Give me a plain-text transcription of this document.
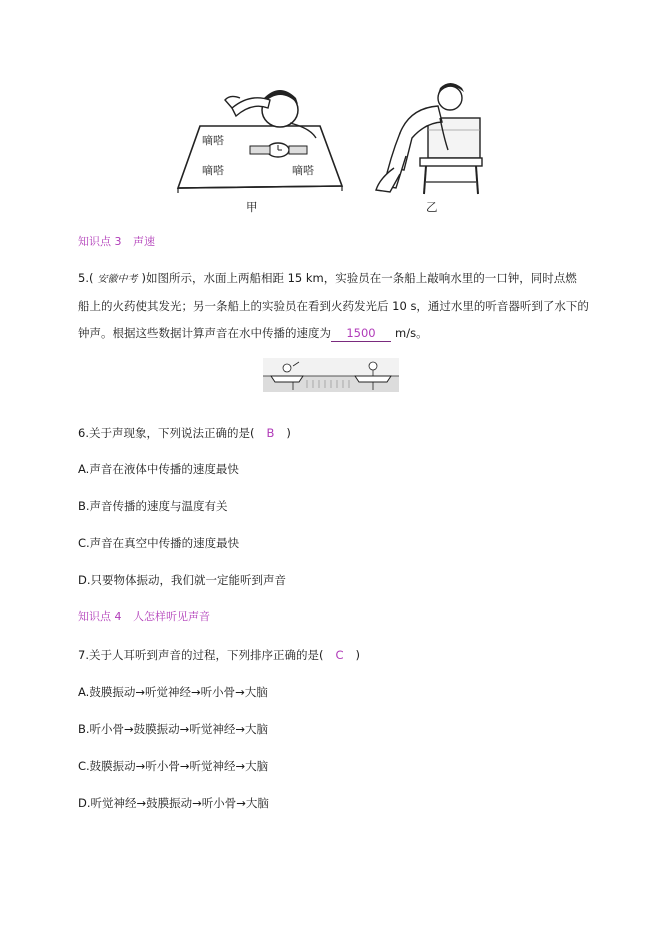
嘀嗒
嘀嗒	嘀嗒
甲	乙
知识点 3 声速
5.( 安徽中考 )如图所示，水面上两船相距 15 km，实验员在一条船上敲响水里的一口钟，同时点燃
船上的火药使其发光；另一条船上的实验员在看到火药发光后 10 s，通过水里的听音器听到了水下的
钟声。根据这些数据计算声音在水中传播的速度为 1500 m/s。
6.关于声现象，下列说法正确的是( B )
A.声音在液体中传播的速度最快
B.声音传播的速度与温度有关
C.声音在真空中传播的速度最快
D.只要物体振动，我们就一定能听到声音
知识点 4 人怎样听见声音
7.关于人耳听到声音的过程，下列排序正确的是( C )
A.鼓膜振动→听觉神经→听小骨→大脑
B.听小骨→鼓膜振动→听觉神经→大脑
C.鼓膜振动→听小骨→听觉神经→大脑
D.听觉神经→鼓膜振动→听小骨→大脑
